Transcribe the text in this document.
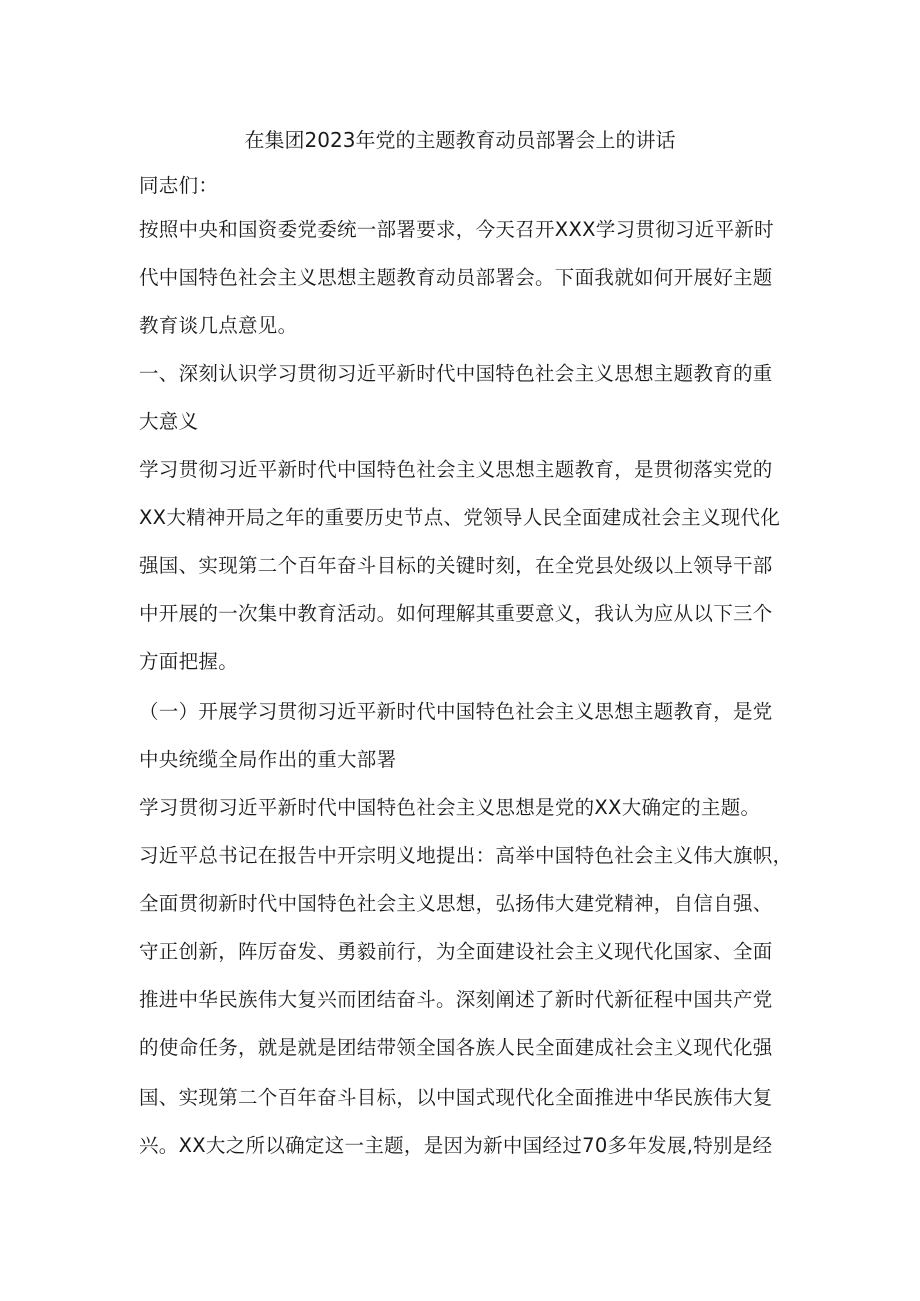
在集团2023年党的主题教育动员部署会上的讲话
同志们：
按照中央和国资委党委统一部署要求，今天召开XXX学习贯彻习近平新时
代中国特色社会主义思想主题教育动员部署会。下面我就如何开展好主题
教育谈几点意见。
一、深刻认识学习贯彻习近平新时代中国特色社会主义思想主题教育的重
大意义
学习贯彻习近平新时代中国特色社会主义思想主题教育，是贯彻落实党的
XX大精神开局之年的重要历史节点、党领导人民全面建成社会主义现代化
强国、实现第二个百年奋斗目标的关键时刻，在全党县处级以上领导干部
中开展的一次集中教育活动。如何理解其重要意义，我认为应从以下三个
方面把握。
（一）开展学习贯彻习近平新时代中国特色社会主义思想主题教育，是党
中央统缆全局作出的重大部署
学习贯彻习近平新时代中国特色社会主义思想是党的XX大确定的主题。
习近平总书记在报告中开宗明义地提出：高举中国特色社会主义伟大旗帜，
全面贯彻新时代中国特色社会主义思想，弘扬伟大建党精神，自信自强、
守正创新，阵厉奋发、勇毅前行，为全面建设社会主义现代化国家、全面
推进中华民族伟大复兴而团结奋斗。深刻阐述了新时代新征程中国共产党
的使命任务，就是就是团结带领全国各族人民全面建成社会主义现代化强
国、实现第二个百年奋斗目标，以中国式现代化全面推进中华民族伟大复
兴。XX大之所以确定这一主题，是因为新中国经过70多年发展,特别是经
